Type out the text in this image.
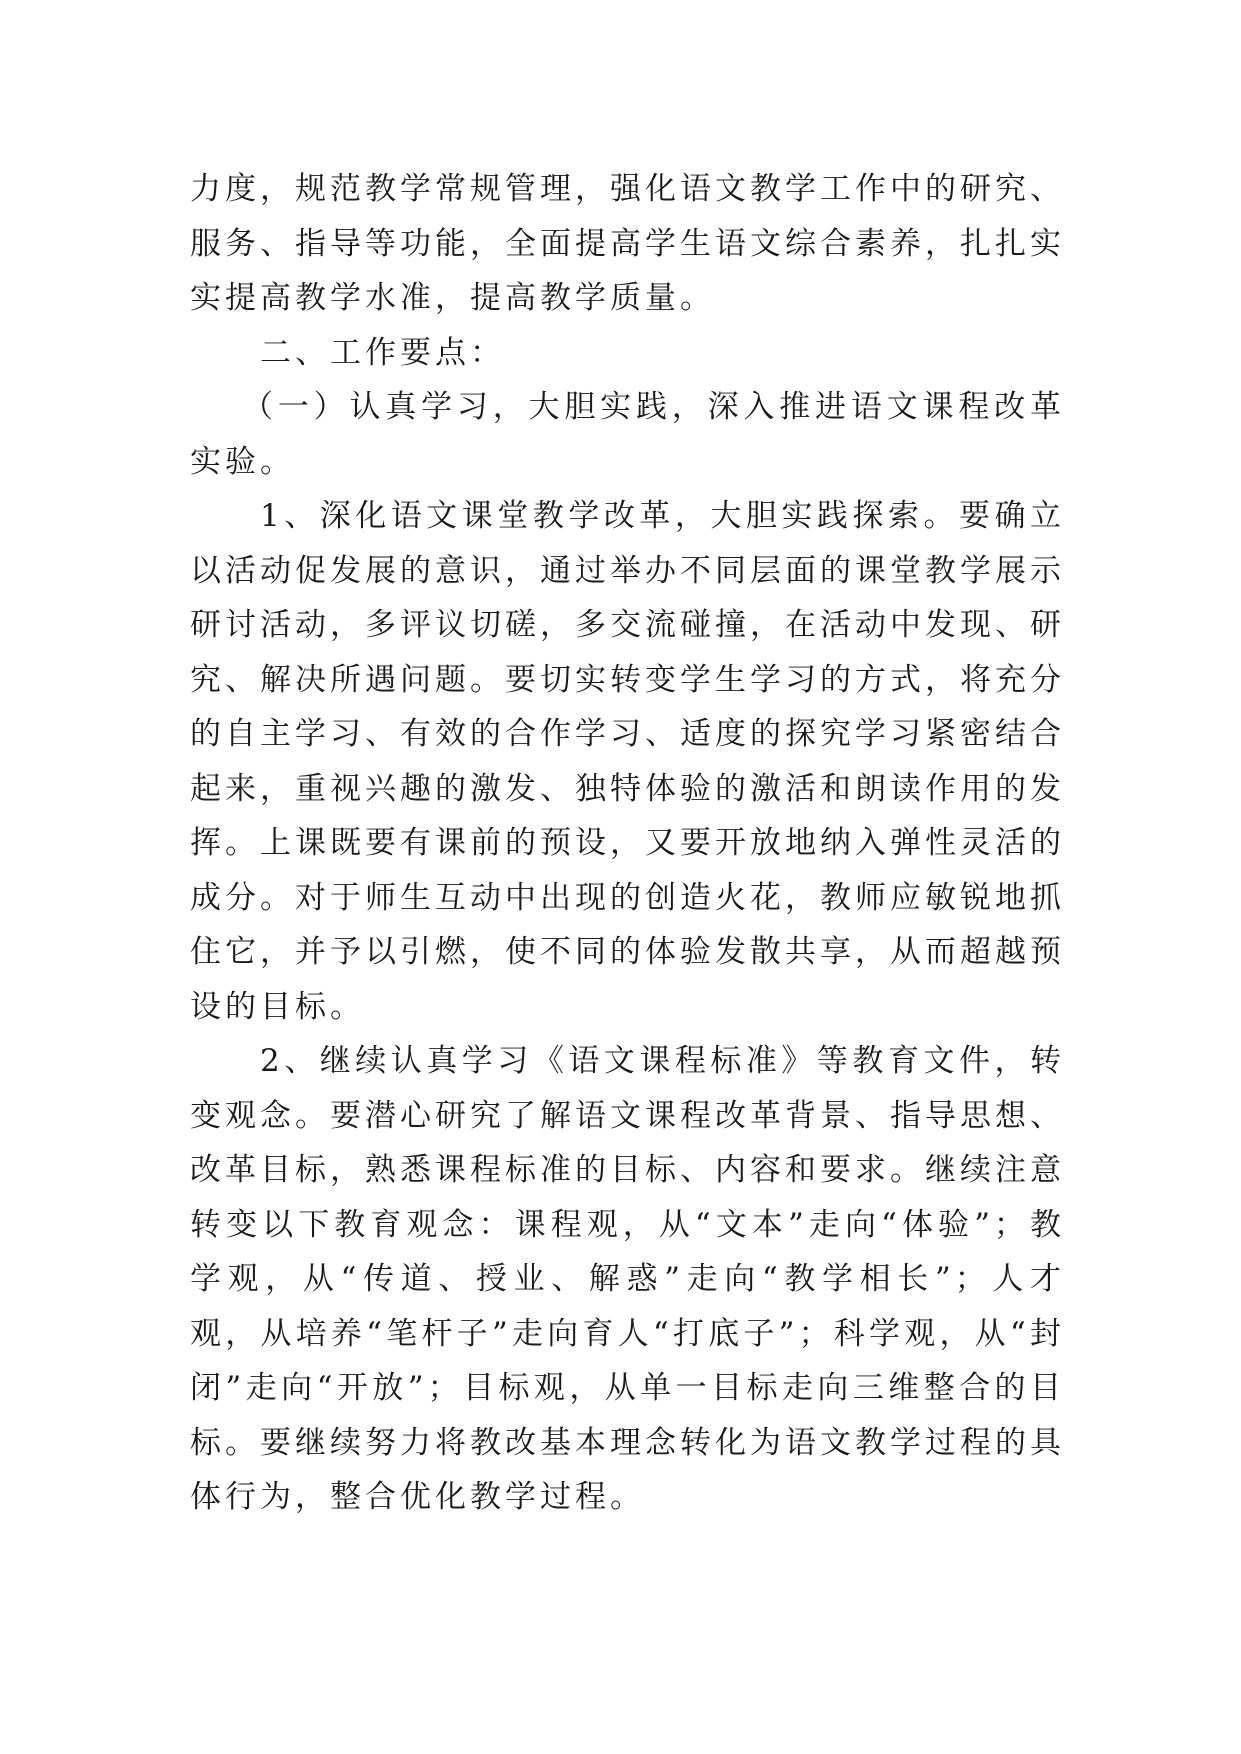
力度，规范教学常规管理，强化语文教学工作中的研究、服务、指导等功能，全面提高学生语文综合素养，扎扎实实提高教学水准，提高教学质量。

二、工作要点：

（一）认真学习，大胆实践，深入推进语文课程改革实验。

1、深化语文课堂教学改革，大胆实践探索。要确立以活动促发展的意识，通过举办不同层面的课堂教学展示研讨活动，多评议切磋，多交流碰撞，在活动中发现、研究、解决所遇问题。要切实转变学生学习的方式，将充分的自主学习、有效的合作学习、适度的探究学习紧密结合起来，重视兴趣的激发、独特体验的激活和朗读作用的发挥。上课既要有课前的预设，又要开放地纳入弹性灵活的成分。对于师生互动中出现的创造火花，教师应敏锐地抓住它，并予以引燃，使不同的体验发散共享，从而超越预设的目标。

2、继续认真学习《语文课程标准》等教育文件，转变观念。要潜心研究了解语文课程改革背景、指导思想、改革目标，熟悉课程标准的目标、内容和要求。继续注意转变以下教育观念：课程观，从“文本”走向“体验”；教学观，从“传道、授业、解惑”走向“教学相长”；人才观，从培养“笔杆子”走向育人“打底子”；科学观，从“封闭”走向“开放”；目标观，从单一目标走向三维整合的目标。要继续努力将教改基本理念转化为语文教学过程的具体行为，整合优化教学过程。
